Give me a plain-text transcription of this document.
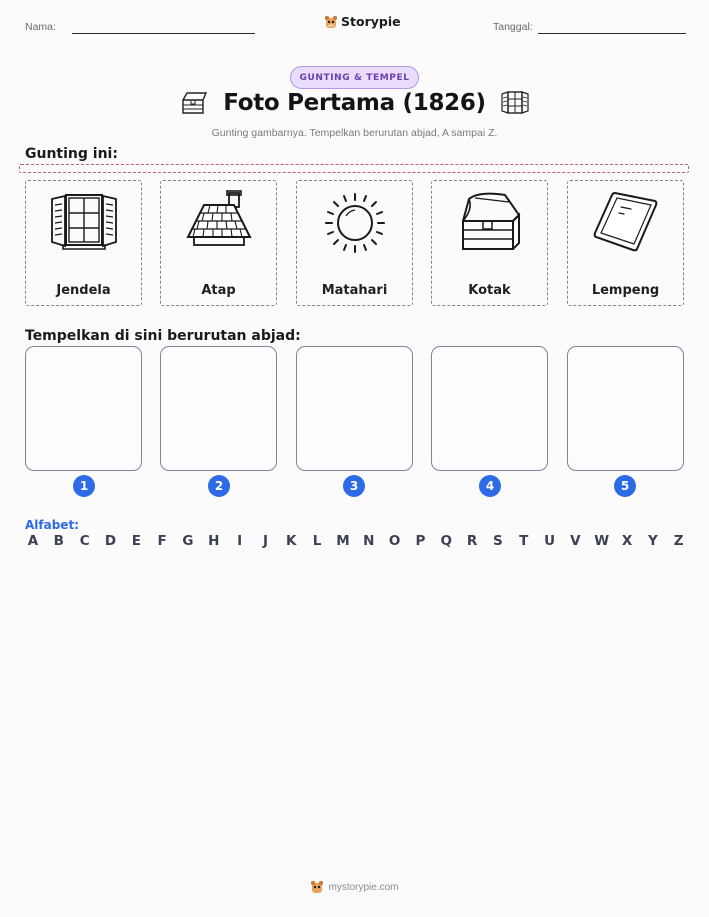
Nama:	Storypie	Tanggal:
GUNTING & TEMPEL
Foto Pertama (1826)
Gunting gambarnya. Tempelkan berurutan abjad, A sampai Z.
Gunting ini:
Jendela	Atap	Matahari	Kotak	Lempeng
Tempelkan di sini berurutan abjad:
1	2	3	4	5
Alfabet:
A B C D E F G H	I	J	K L M N O P Q R S T U V W X Y Z
mystorypie.com
